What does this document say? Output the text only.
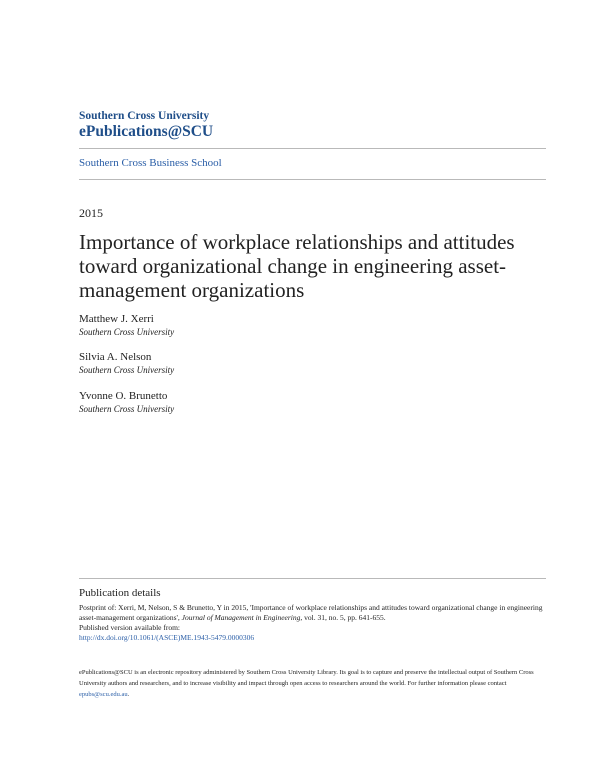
Southern Cross University
ePublications@SCU
Southern Cross Business School
2015
Importance of workplace relationships and attitudes toward organizational change in engineering asset-management organizations
Matthew J. Xerri
Southern Cross University
Silvia A. Nelson
Southern Cross University
Yvonne O. Brunetto
Southern Cross University
Publication details
Postprint of: Xerri, M, Nelson, S & Brunetto, Y in 2015, 'Importance of workplace relationships and attitudes toward organizational change in engineering asset-management organizations', Journal of Management in Engineering, vol. 31, no. 5, pp. 641-655.
Published version available from:
http://dx.doi.org/10.1061/(ASCE)ME.1943-5479.0000306
ePublications@SCU is an electronic repository administered by Southern Cross University Library. Its goal is to capture and preserve the intellectual output of Southern Cross University authors and researchers, and to increase visibility and impact through open access to researchers around the world. For further information please contact epubs@scu.edu.au.
